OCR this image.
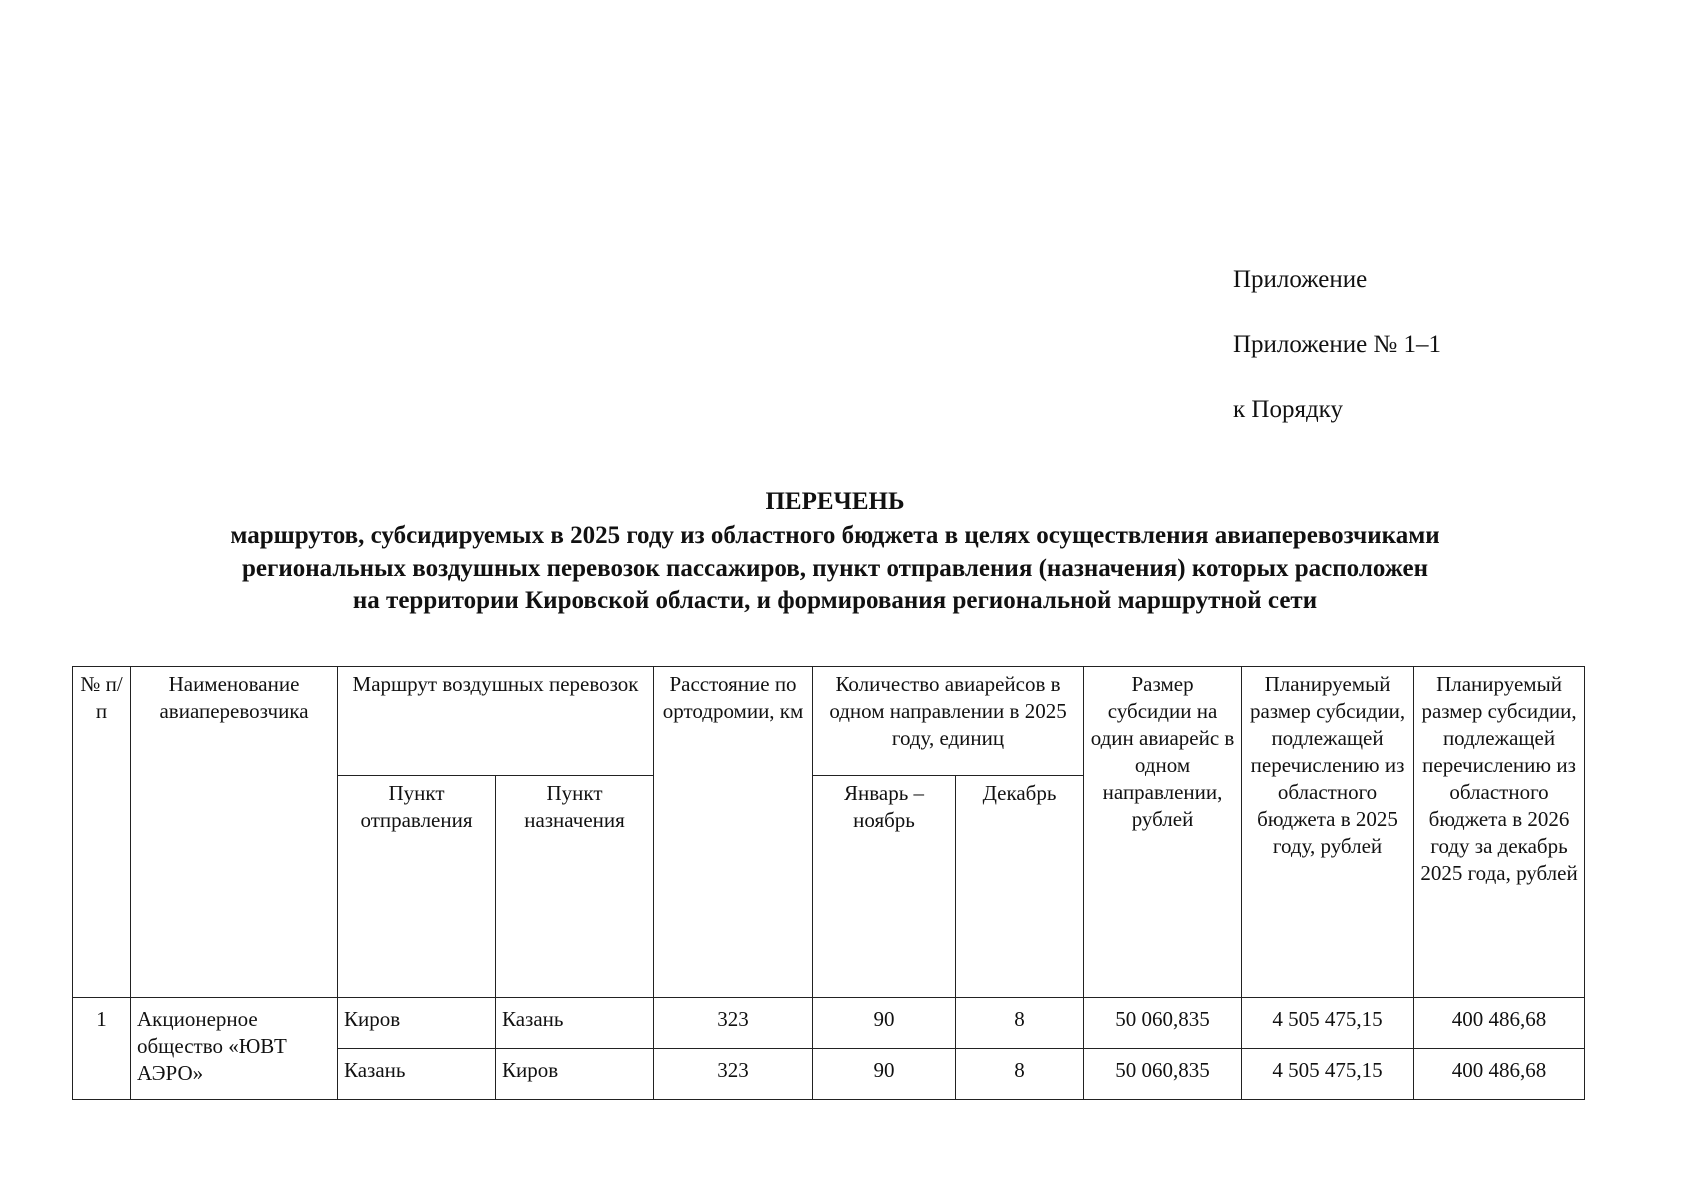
Приложение
Приложение № 1–1
к Порядку
ПЕРЕЧЕНЬ
маршрутов, субсидируемых в 2025 году из областного бюджета в целях осуществления авиаперевозчиками
региональных воздушных перевозок пассажиров, пункт отправления (назначения) которых расположен
на территории Кировской области, и формирования региональной маршрутной сети
№ п/п	Наименование авиаперевозчика	Маршрут воздушных перевозок		Расстояние по ортодромии, км	Количество авиарейсов в одном направлении в 2025 году, единиц		Размер субсидии на один авиарейс в одном направлении, рублей	Планируемый размер субсидии, подлежащей перечислению из областного бюджета в 2025 году, рублей	Планируемый размер субсидии, подлежащей перечислению из областного бюджета в 2026 году за декабрь 2025 года, рублей
		Пункт отправления	Пункт назначения		Январь – ноябрь	Декабрь			
1	Акционерное общество «ЮВТ АЭРО»	Киров	Казань	323	90	8	50 060,835	4 505 475,15	400 486,68
		Казань	Киров	323	90	8	50 060,835	4 505 475,15	400 486,68
